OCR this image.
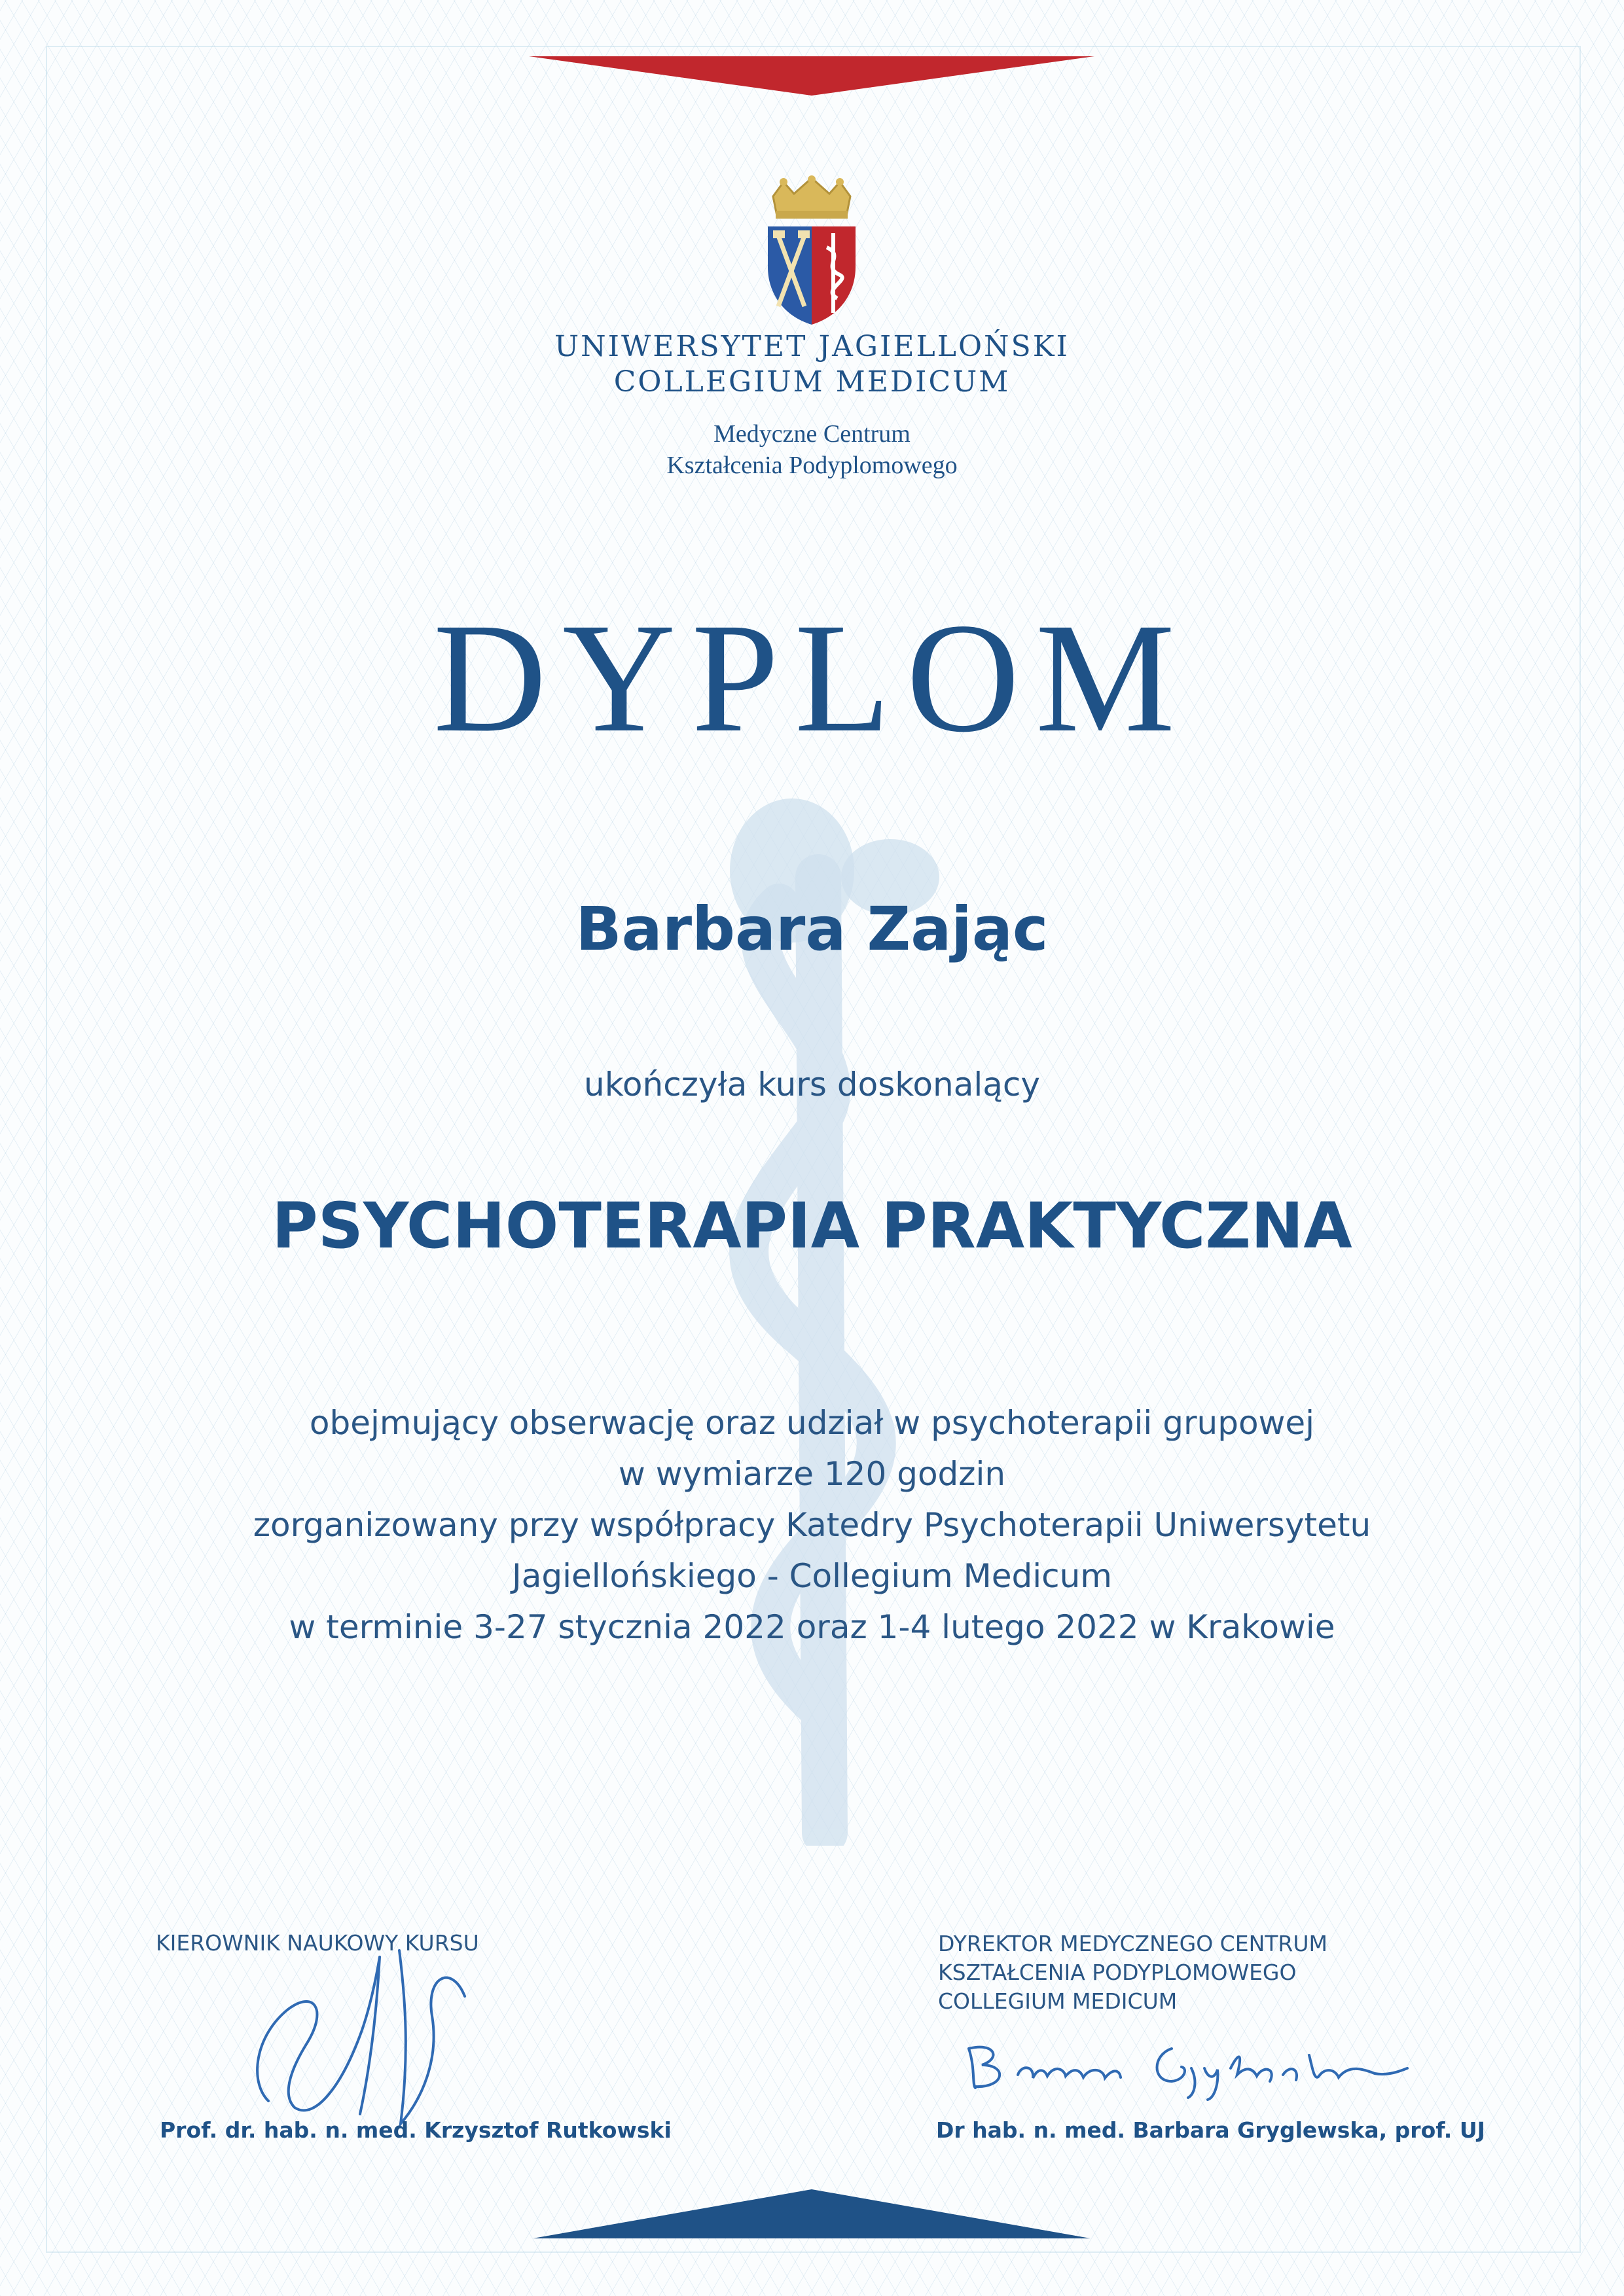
UNIWERSYTET JAGIELLOŃSKI
COLLEGIUM MEDICUM
Medyczne Centrum
Kształcenia Podyplomowego
DYPLOM
Barbara Zając
ukończyła kurs doskonalący
PSYCHOTERAPIA PRAKTYCZNA
obejmujący obserwację oraz udział w psychoterapii grupowej
w wymiarze 120 godzin
zorganizowany przy współpracy Katedry Psychoterapii Uniwersytetu
Jagiellońskiego - Collegium Medicum
w terminie 3-27 stycznia 2022 oraz 1-4 lutego 2022 w Krakowie
KIEROWNIK NAUKOWY KURSU
Prof. dr. hab. n. med. Krzysztof Rutkowski
DYREKTOR MEDYCZNEGO CENTRUM
KSZTAŁCENIA PODYPLOMOWEGO
COLLEGIUM MEDICUM
Dr hab. n. med. Barbara Gryglewska, prof. UJ
